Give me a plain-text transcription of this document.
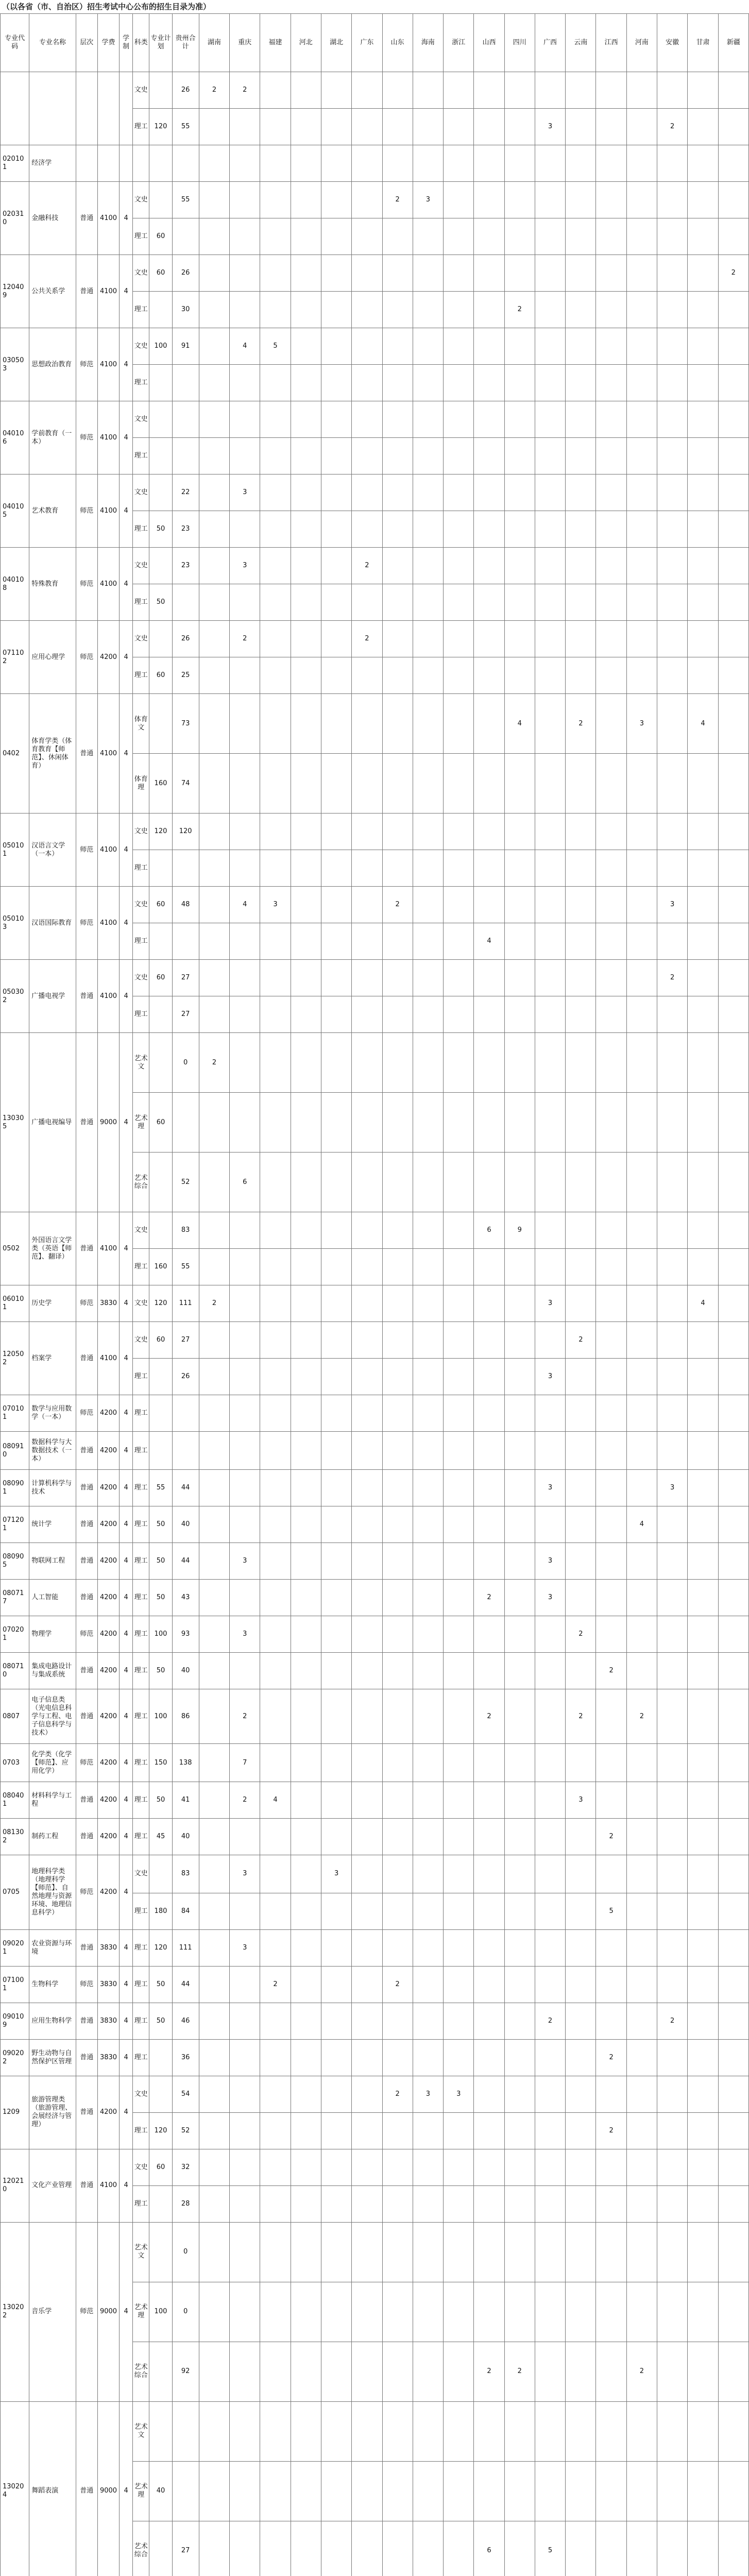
（以各省（市、自治区）招生考试中心公布的招生目录为准）
专业代码	专业名称	层次	学费	学制	科类	专业计划	贵州合计	湖南	重庆	福建	河北	湖北	广东	山东	海南	浙江	山西	四川	广西	云南	江西	河南	安徽	甘肃	新疆
					文史		26	2	2																
					理工	120	55												3				2		
020101	经济学																								
020310	金融科技	普通	4100	4	文史		55							2	3										
					理工	60																			
120409	公共关系学	普通	4100	4	文史	60	26																		2
					理工		30											2							
030503	思想政治教育	师范	4100	4	文史	100	91		4	5															
					理工																				
040106	学前教育（一本）	师范	4100	4	文史																				
					理工																				
040105	艺术教育	师范	4100	4	文史		22		3																
					理工	50	23																		
040108	特殊教育	师范	4100	4	文史		23		3				2												
					理工	50																			
071102	应用心理学	师范	4200	4	文史		26		2				2												
					理工	60	25																		
0402	体育学类（体育教育【师范】、休闲体育）	普通	4100	4	体育文		73											4		2		3		4	
					体育理	160	74																		
050101	汉语言文学（一本）	师范	4100	4	文史	120	120																		
					理工																				
050103	汉语国际教育	师范	4100	4	文史	60	48		4	3				2									3		
					理工												4								
050302	广播电视学	普通	4100	4	文史	60	27																2		
					理工		27																		
130305	广播电视编导	普通	9000	4	艺术文		0	2																	
					艺术理	60																			
					艺术综合		52		6																
0502	外国语言文学类（英语【师范】、翻译）	普通	4100	4	文史		83										6	9							
					理工	160	55																		
060101	历史学	师范	3830	4	文史	120	111	2											3					4	
120502	档案学	普通	4100	4	文史	60	27													2					
					理工		26												3						
070101	数学与应用数学（一本）	师范	4200	4	理工																				
080910	数据科学与大数据技术（一本）	普通	4200	4	理工																				
080901	计算机科学与技术	普通	4200	4	理工	55	44												3				3		
071201	统计学	普通	4200	4	理工	50	40															4			
080905	物联网工程	普通	4200	4	理工	50	44		3										3						
080717	人工智能	普通	4200	4	理工	50	43										2		3						
070201	物理学	师范	4200	4	理工	100	93		3											2					
080710	集成电路设计与集成系统	普通	4200	4	理工	50	40														2				
0807	电子信息类（光电信息科学与工程、电子信息科学与技术）	普通	4200	4	理工	100	86		2								2			2		2			
0703	化学类（化学【师范】、应用化学）	师范	4200	4	理工	150	138		7																
080401	材料科学与工程	普通	4200	4	理工	50	41		2	4										3					
081302	制药工程	普通	4200	4	理工	45	40														2				
0705	地理科学类（地理科学【师范】、自然地理与资源环境、地理信息科学）	师范	4200	4	文史		83		3			3													
					理工	180	84														5				
090201	农业资源与环境	普通	3830	4	理工	120	111		3																
071001	生物科学	师范	3830	4	理工	50	44			2				2											
090109	应用生物科学	普通	3830	4	理工	50	46												2				2		
090202	野生动物与自然保护区管理	普通	3830	4	理工		36														2				
1209	旅游管理类（旅游管理、会展经济与管理）	普通	4200	4	文史		54							2	3	3									
					理工	120	52														2				
120210	文化产业管理	普通	4100	4	文史	60	32																		
					理工		28																		
130202	音乐学	师范	9000	4	艺术文		0																		
					艺术理	100	0																		
					艺术综合		92										2	2				2			
130204	舞蹈表演	普通	9000	4	艺术文																				
					艺术理	40																			
					艺术综合		27										6		5						
